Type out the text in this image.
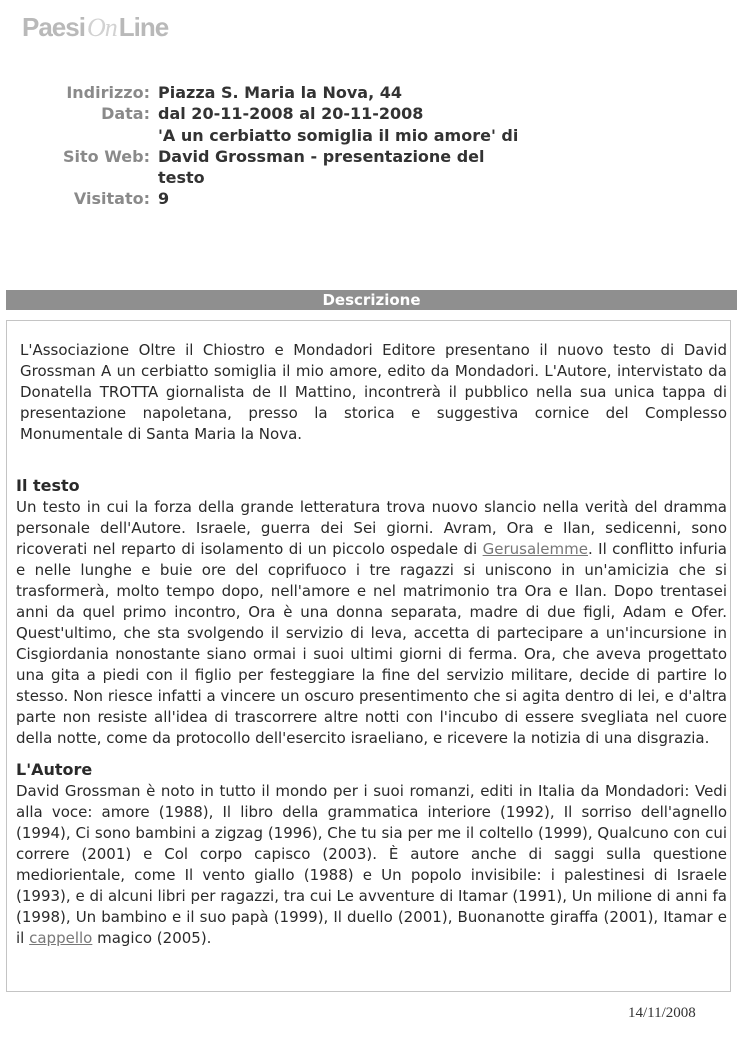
PaesiOnLine
Indirizzo: Piazza S. Maria la Nova, 44
Data: dal 20-11-2008 al 20-11-2008
Sito Web:
'A un cerbiatto somiglia il mio amore' di David Grossman - presentazione del testo
Visitato: 9
Descrizione

L'Associazione Oltre il Chiostro e Mondadori Editore presentano il nuovo testo di David Grossman A un cerbiatto somiglia il mio amore, edito da Mondadori. L'Autore, intervistato da Donatella TROTTA giornalista de Il Mattino, incontrerà il pubblico nella sua unica tappa di presentazione napoletana, presso la storica e suggestiva cornice del Complesso Monumentale di Santa Maria la Nova.

Il testo

Un testo in cui la forza della grande letteratura trova nuovo slancio nella verità del dramma personale dell'Autore. Israele, guerra dei Sei giorni. Avram, Ora e Ilan, sedicenni, sono ricoverati nel reparto di isolamento di un piccolo ospedale di Gerusalemme. Il conflitto infuria e nelle lunghe e buie ore del coprifuoco i tre ragazzi si uniscono in un'amicizia che si trasformerà, molto tempo dopo, nell'amore e nel matrimonio tra Ora e Ilan. Dopo trentasei anni da quel primo incontro, Ora è una donna separata, madre di due figli, Adam e Ofer. Quest'ultimo, che sta svolgendo il servizio di leva, accetta di partecipare a un'incursione in Cisgiordania nonostante siano ormai i suoi ultimi giorni di ferma. Ora, che aveva progettato una gita a piedi con il figlio per festeggiare la fine del servizio militare, decide di partire lo stesso. Non riesce infatti a vincere un oscuro presentimento che si agita dentro di lei, e d'altra parte non resiste all'idea di trascorrere altre notti con l'incubo di essere svegliata nel cuore della notte, come da protocollo dell'esercito israeliano, e ricevere la notizia di una disgrazia.

L'Autore

David Grossman è noto in tutto il mondo per i suoi romanzi, editi in Italia da Mondadori: Vedi alla voce: amore (1988), Il libro della grammatica interiore (1992), Il sorriso dell'agnello (1994), Ci sono bambini a zigzag (1996), Che tu sia per me il coltello (1999), Qualcuno con cui correre (2001) e Col corpo capisco (2003). È autore anche di saggi sulla questione mediorientale, come Il vento giallo (1988) e Un popolo invisibile: i palestinesi di Israele (1993), e di alcuni libri per ragazzi, tra cui Le avventure di Itamar (1991), Un milione di anni fa (1998), Un bambino e il suo papà (1999), Il duello (2001), Buonanotte giraffa (2001), Itamar e il cappello magico (2005).

14/11/2008
